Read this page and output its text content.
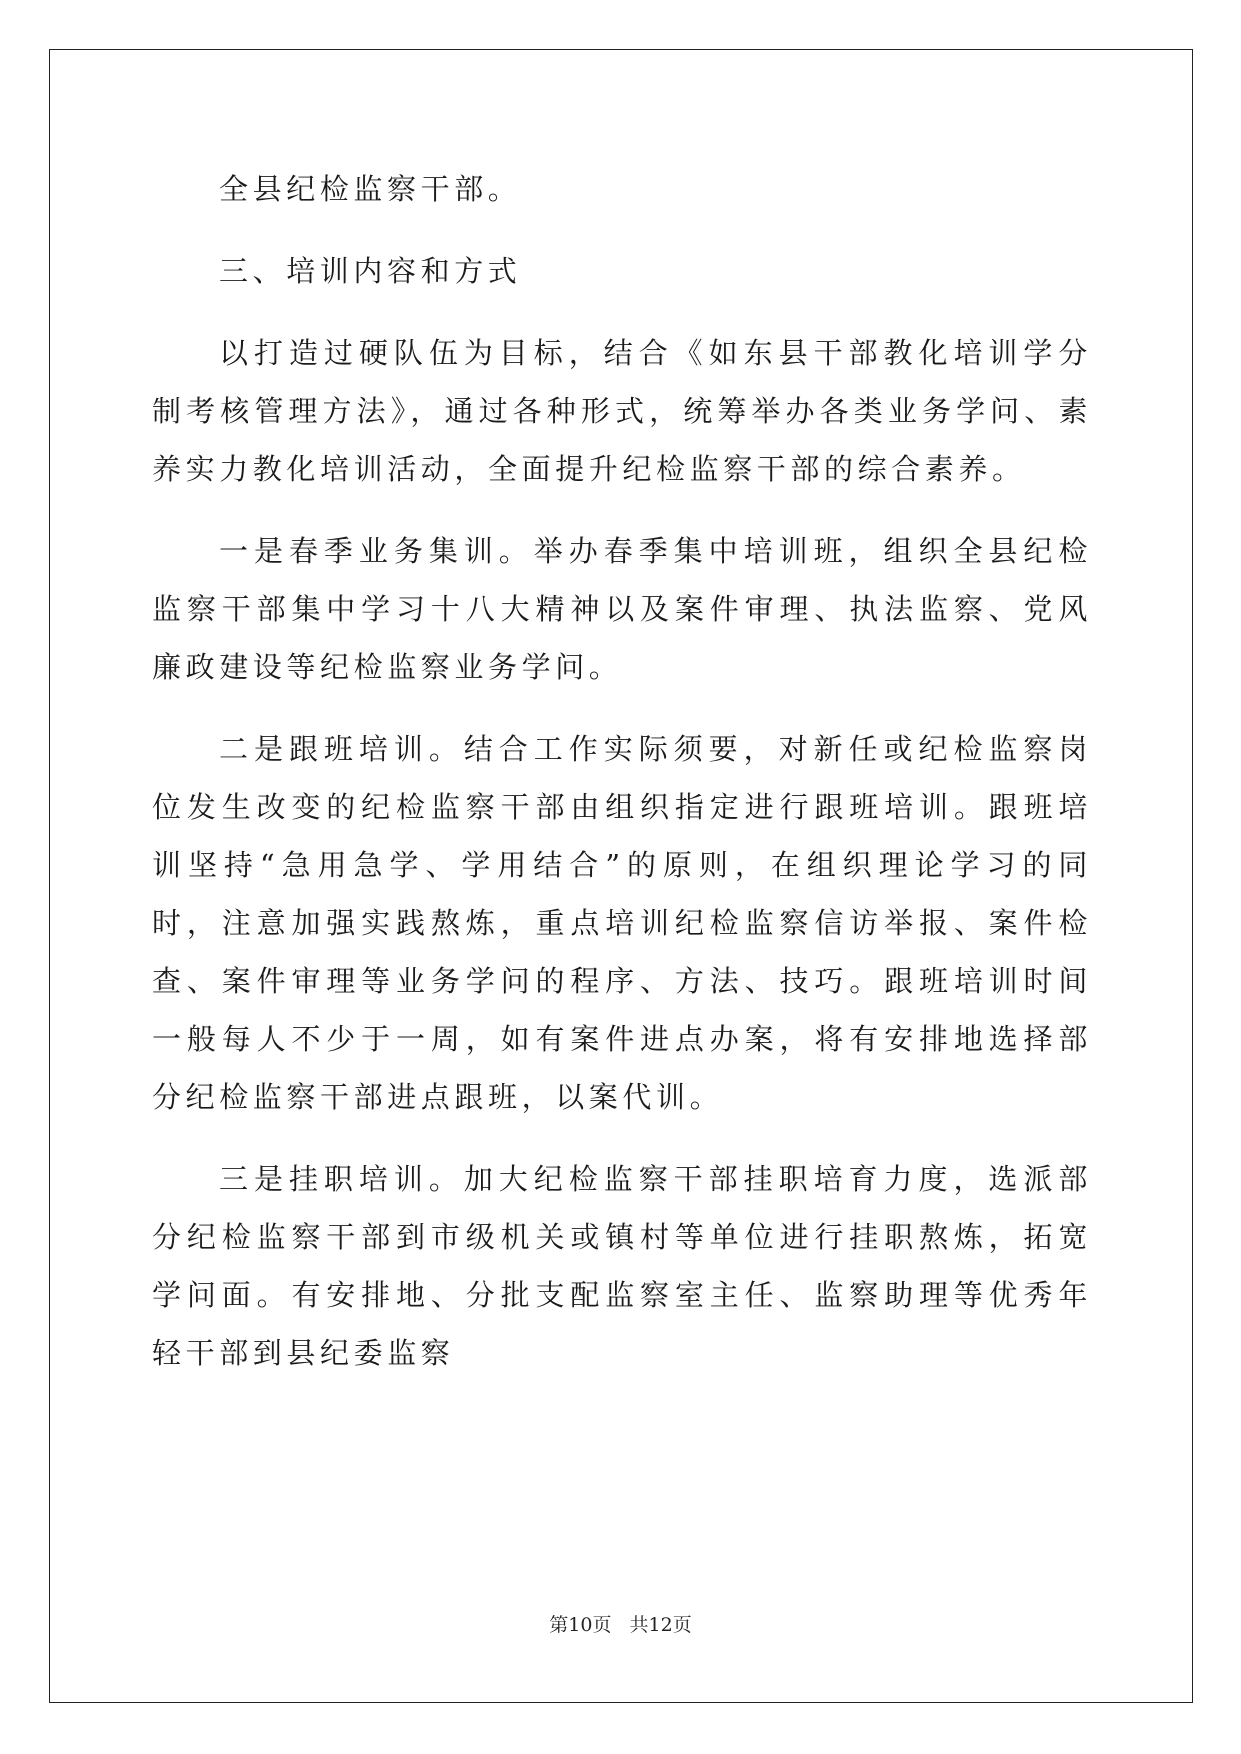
全县纪检监察干部。

三、培训内容和方式

以打造过硬队伍为目标，结合《如东县干部教化培训学分制考核管理方法》，通过各种形式，统筹举办各类业务学问、素养实力教化培训活动，全面提升纪检监察干部的综合素养。

一是春季业务集训。举办春季集中培训班，组织全县纪检监察干部集中学习十八大精神以及案件审理、执法监察、党风廉政建设等纪检监察业务学问。

二是跟班培训。结合工作实际须要，对新任或纪检监察岗位发生改变的纪检监察干部由组织指定进行跟班培训。跟班培训坚持“急用急学、学用结合”的原则，在组织理论学习的同时，注意加强实践熬炼，重点培训纪检监察信访举报、案件检查、案件审理等业务学问的程序、方法、技巧。跟班培训时间一般每人不少于一周，如有案件进点办案，将有安排地选择部分纪检监察干部进点跟班，以案代训。

三是挂职培训。加大纪检监察干部挂职培育力度，选派部分纪检监察干部到市级机关或镇村等单位进行挂职熬炼，拓宽学问面。有安排地、分批支配监察室主任、监察助理等优秀年轻干部到县纪委监察

第10页 共12页
